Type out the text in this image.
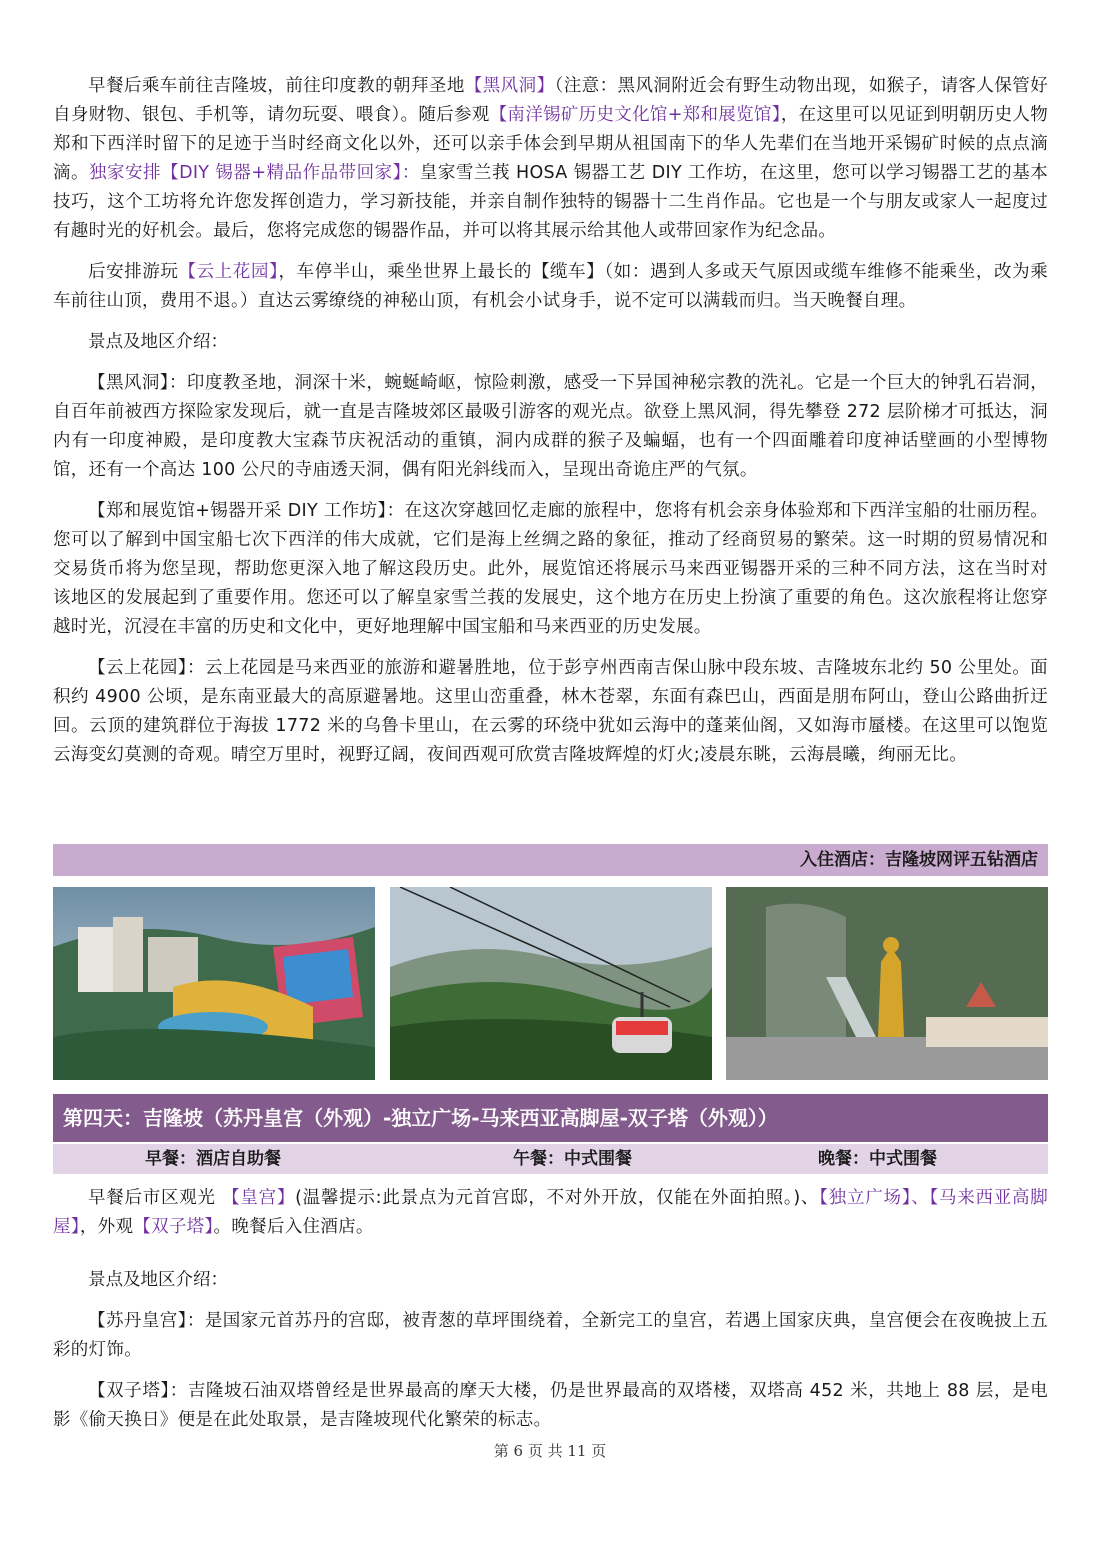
早餐后乘车前往吉隆坡，前往印度教的朝拜圣地【黑风洞】（注意：黑风洞附近会有野生动物出现，如猴子，请客人保管好自身财物、银包、手机等，请勿玩耍、喂食）。随后参观【南洋锡矿历史文化馆+郑和展览馆】，在这里可以见证到明朝历史人物郑和下西洋时留下的足迹于当时经商文化以外，还可以亲手体会到早期从祖国南下的华人先辈们在当地开采锡矿时候的点点滴滴。独家安排【DIY 锡器+精品作品带回家】：皇家雪兰莪 HOSA 锡器工艺 DIY 工作坊，在这里，您可以学习锡器工艺的基本技巧，这个工坊将允许您发挥创造力，学习新技能，并亲自制作独特的锡器十二生肖作品。它也是一个与朋友或家人一起度过有趣时光的好机会。最后，您将完成您的锡器作品，并可以将其展示给其他人或带回家作为纪念品。

后安排游玩【云上花园】，车停半山，乘坐世界上最长的【缆车】（如：遇到人多或天气原因或缆车维修不能乘坐，改为乘车前往山顶，费用不退。）直达云雾缭绕的神秘山顶，有机会小试身手，说不定可以满载而归。当天晚餐自理。

景点及地区介绍：

【黑风洞】：印度教圣地，洞深十米，蜿蜒崎岖，惊险刺激，感受一下异国神秘宗教的洗礼。它是一个巨大的钟乳石岩洞，自百年前被西方探险家发现后，就一直是吉隆坡郊区最吸引游客的观光点。欲登上黑风洞，得先攀登 272 层阶梯才可抵达，洞内有一印度神殿，是印度教大宝森节庆祝活动的重镇，洞内成群的猴子及蝙蝠，也有一个四面雕着印度神话壁画的小型博物馆，还有一个高达 100 公尺的寺庙透天洞，偶有阳光斜线而入，呈现出奇诡庄严的气氛。

【郑和展览馆+锡器开采 DIY 工作坊】：在这次穿越回忆走廊的旅程中，您将有机会亲身体验郑和下西洋宝船的壮丽历程。您可以了解到中国宝船七次下西洋的伟大成就，它们是海上丝绸之路的象征，推动了经商贸易的繁荣。这一时期的贸易情况和交易货币将为您呈现，帮助您更深入地了解这段历史。此外，展览馆还将展示马来西亚锡器开采的三种不同方法，这在当时对该地区的发展起到了重要作用。您还可以了解皇家雪兰莪的发展史，这个地方在历史上扮演了重要的角色。这次旅程将让您穿越时光，沉浸在丰富的历史和文化中，更好地理解中国宝船和马来西亚的历史发展。

【云上花园】：云上花园是马来西亚的旅游和避暑胜地，位于彭亨州西南吉保山脉中段东坡、吉隆坡东北约 50 公里处。面积约 4900 公顷，是东南亚最大的高原避暑地。这里山峦重叠，林木苍翠，东面有森巴山，西面是朋布阿山，登山公路曲折迂回。云顶的建筑群位于海拔 1772 米的乌鲁卡里山，在云雾的环绕中犹如云海中的蓬莱仙阁，又如海市蜃楼。在这里可以饱览云海变幻莫测的奇观。晴空万里时，视野辽阔，夜间西观可欣赏吉隆坡辉煌的灯火;凌晨东眺，云海晨曦，绚丽无比。

入住酒店：吉隆坡网评五钻酒店
第四天：吉隆坡（苏丹皇宫（外观）-独立广场-马来西亚高脚屋-双子塔（外观））
早餐：酒店自助餐	午餐：中式围餐	晚餐：中式围餐

早餐后市区观光 【皇宫】(温馨提示:此景点为元首宫邸，不对外开放，仅能在外面拍照。)、【独立广场】、【马来西亚高脚屋】，外观【双子塔】。晚餐后入住酒店。

景点及地区介绍：

【苏丹皇宫】：是国家元首苏丹的宫邸，被青葱的草坪围绕着，全新完工的皇宫，若遇上国家庆典，皇宫便会在夜晚披上五彩的灯饰。

【双子塔】：吉隆坡石油双塔曾经是世界最高的摩天大楼，仍是世界最高的双塔楼，双塔高 452 米，共地上 88 层，是电影《偷天换日》便是在此处取景，是吉隆坡现代化繁荣的标志。

第 6 页 共 11 页
